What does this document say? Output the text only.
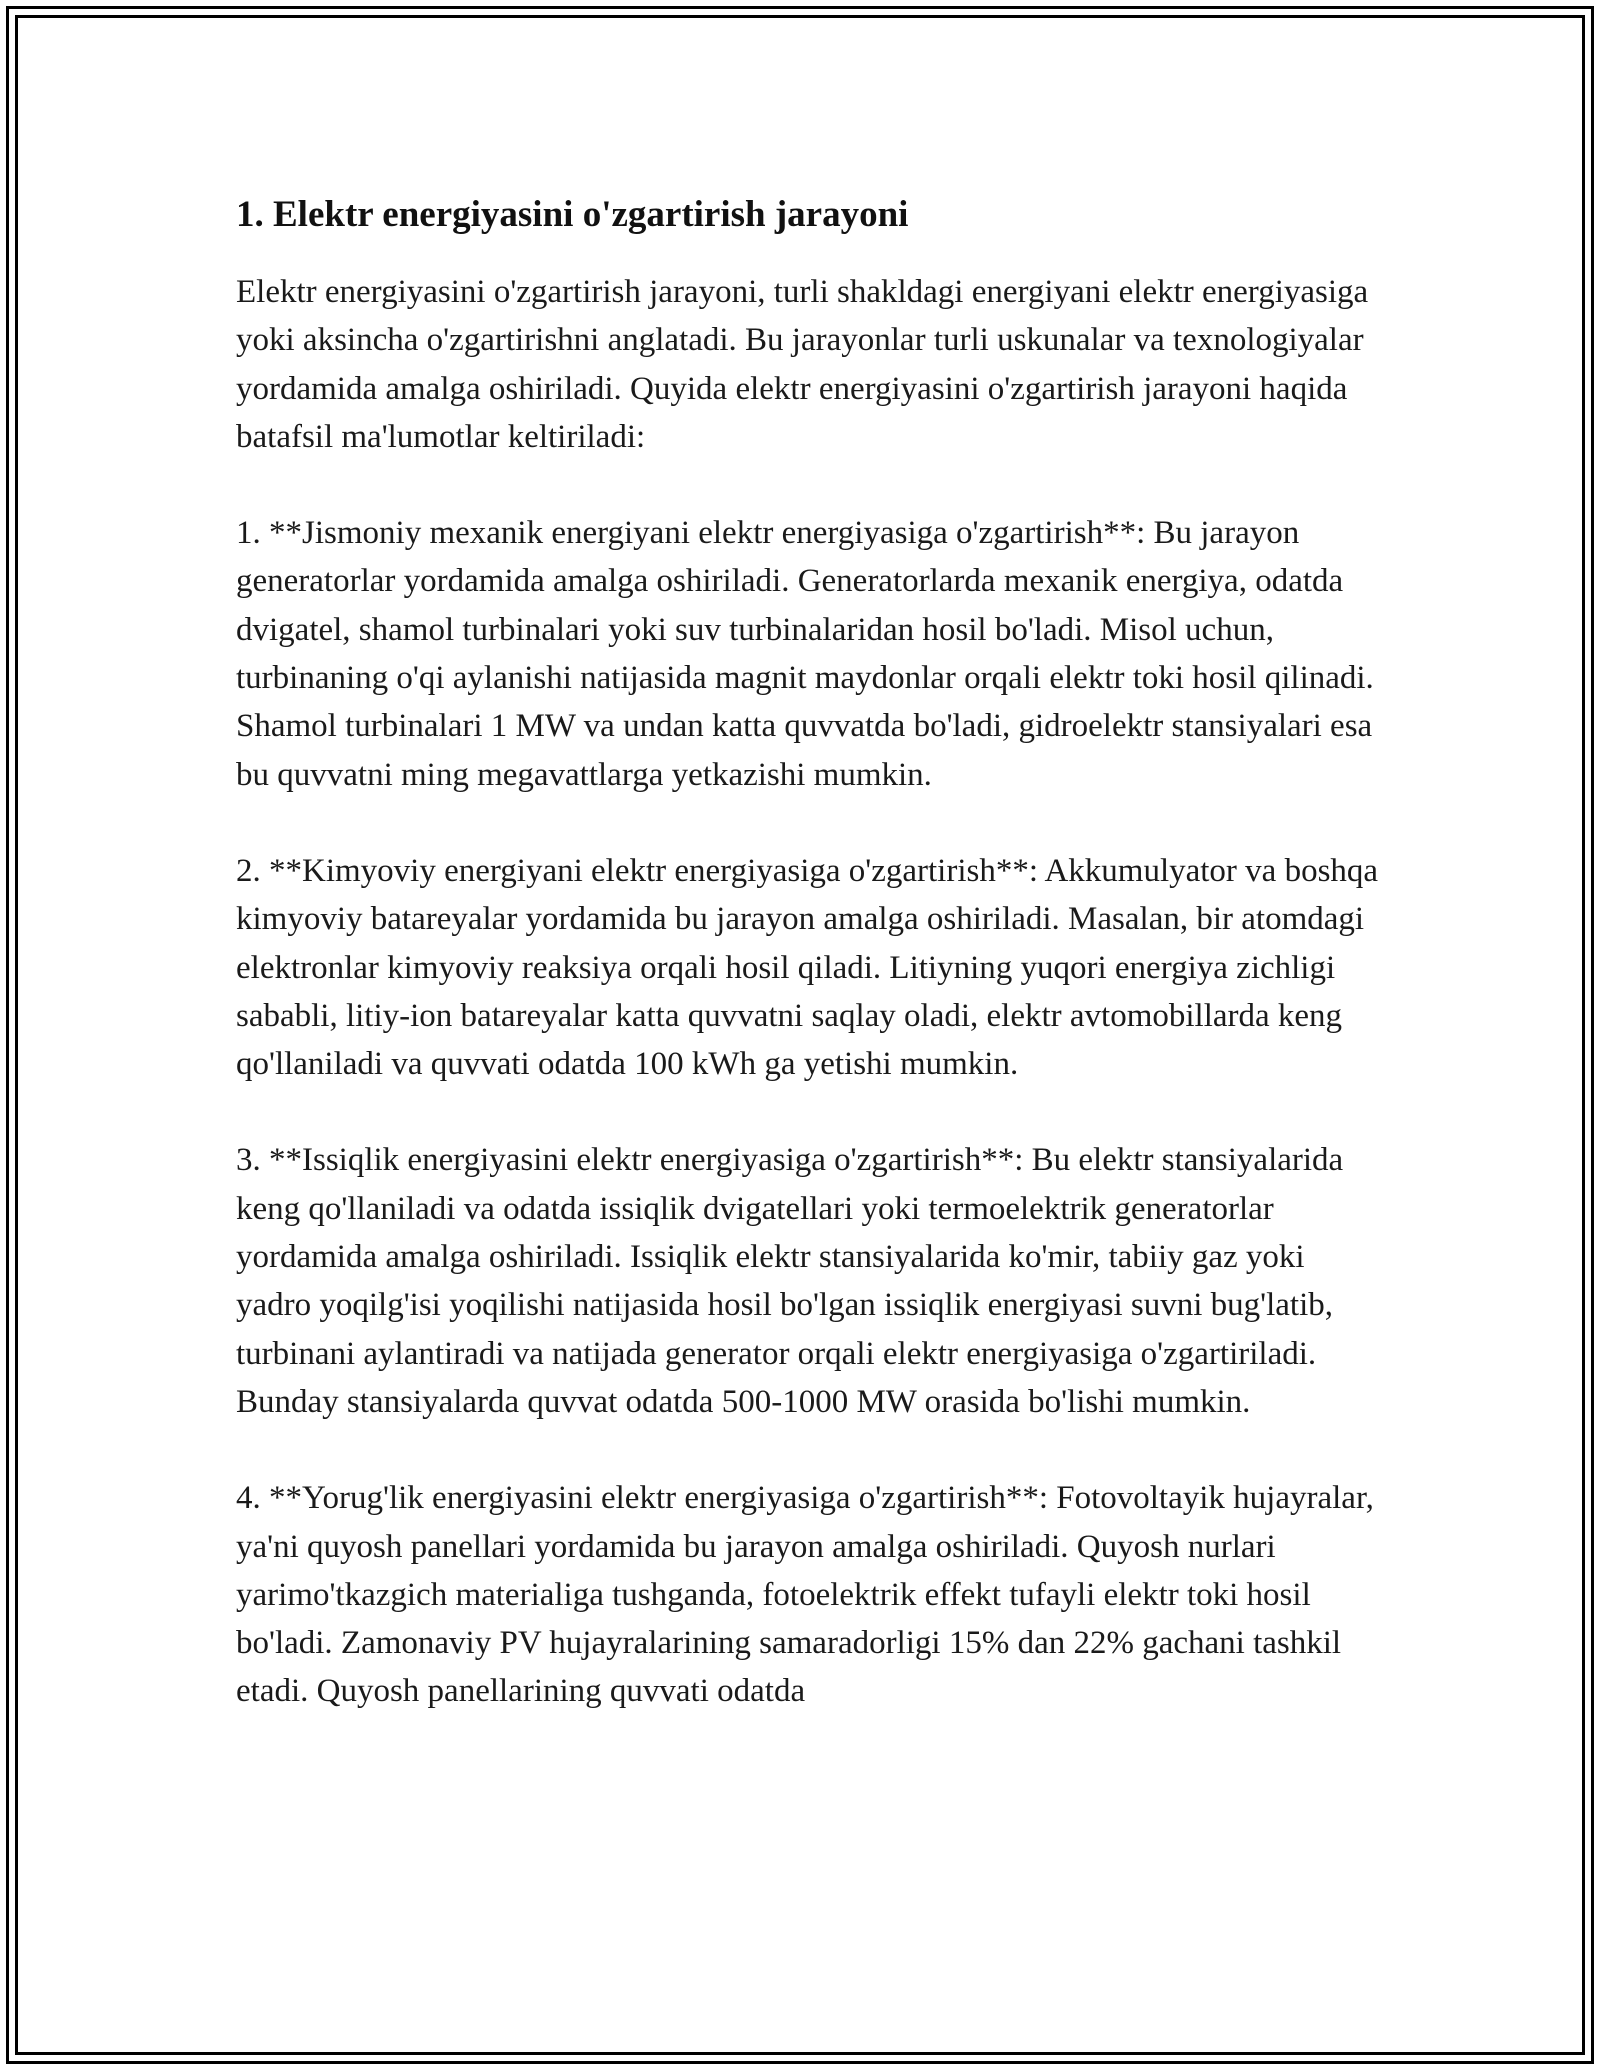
1. Elektr energiyasini o'zgartirish jarayoni

Elektr energiyasini o'zgartirish jarayoni, turli shakldagi energiyani elektr energiyasiga yoki aksincha o'zgartirishni anglatadi. Bu jarayonlar turli uskunalar va texnologiyalar yordamida amalga oshiriladi. Quyida elektr energiyasini o'zgartirish jarayoni haqida batafsil ma'lumotlar keltiriladi:

1. **Jismoniy mexanik energiyani elektr energiyasiga o'zgartirish**: Bu jarayon generatorlar yordamida amalga oshiriladi. Generatorlarda mexanik energiya, odatda dvigatel, shamol turbinalari yoki suv turbinalaridan hosil bo'ladi. Misol uchun, turbinaning o'qi aylanishi natijasida magnit maydonlar orqali elektr toki hosil qilinadi. Shamol turbinalari 1 MW va undan katta quvvatda bo'ladi, gidroelektr stansiyalari esa bu quvvatni ming megavattlarga yetkazishi mumkin.

2. **Kimyoviy energiyani elektr energiyasiga o'zgartirish**: Akkumulyator va boshqa kimyoviy batareyalar yordamida bu jarayon amalga oshiriladi. Masalan, bir atomdagi elektronlar kimyoviy reaksiya orqali hosil qiladi. Litiyning yuqori energiya zichligi sababli, litiy-ion batareyalar katta quvvatni saqlay oladi, elektr avtomobillarda keng qo'llaniladi va quvvati odatda 100 kWh ga yetishi mumkin.

3. **Issiqlik energiyasini elektr energiyasiga o'zgartirish**: Bu elektr stansiyalarida keng qo'llaniladi va odatda issiqlik dvigatellari yoki termoelektrik generatorlar yordamida amalga oshiriladi. Issiqlik elektr stansiyalarida ko'mir, tabiiy gaz yoki yadro yoqilg'isi yoqilishi natijasida hosil bo'lgan issiqlik energiyasi suvni bug'latib, turbinani aylantiradi va natijada generator orqali elektr energiyasiga o'zgartiriladi. Bunday stansiyalarda quvvat odatda 500-1000 MW orasida bo'lishi mumkin.

4. **Yorug'lik energiyasini elektr energiyasiga o'zgartirish**: Fotovoltayik hujayralar, ya'ni quyosh panellari yordamida bu jarayon amalga oshiriladi. Quyosh nurlari yarimo'tkazgich materialiga tushganda, fotoelektrik effekt tufayli elektr toki hosil bo'ladi. Zamonaviy PV hujayralarining samaradorligi 15% dan 22% gachani tashkil etadi. Quyosh panellarining quvvati odatda
